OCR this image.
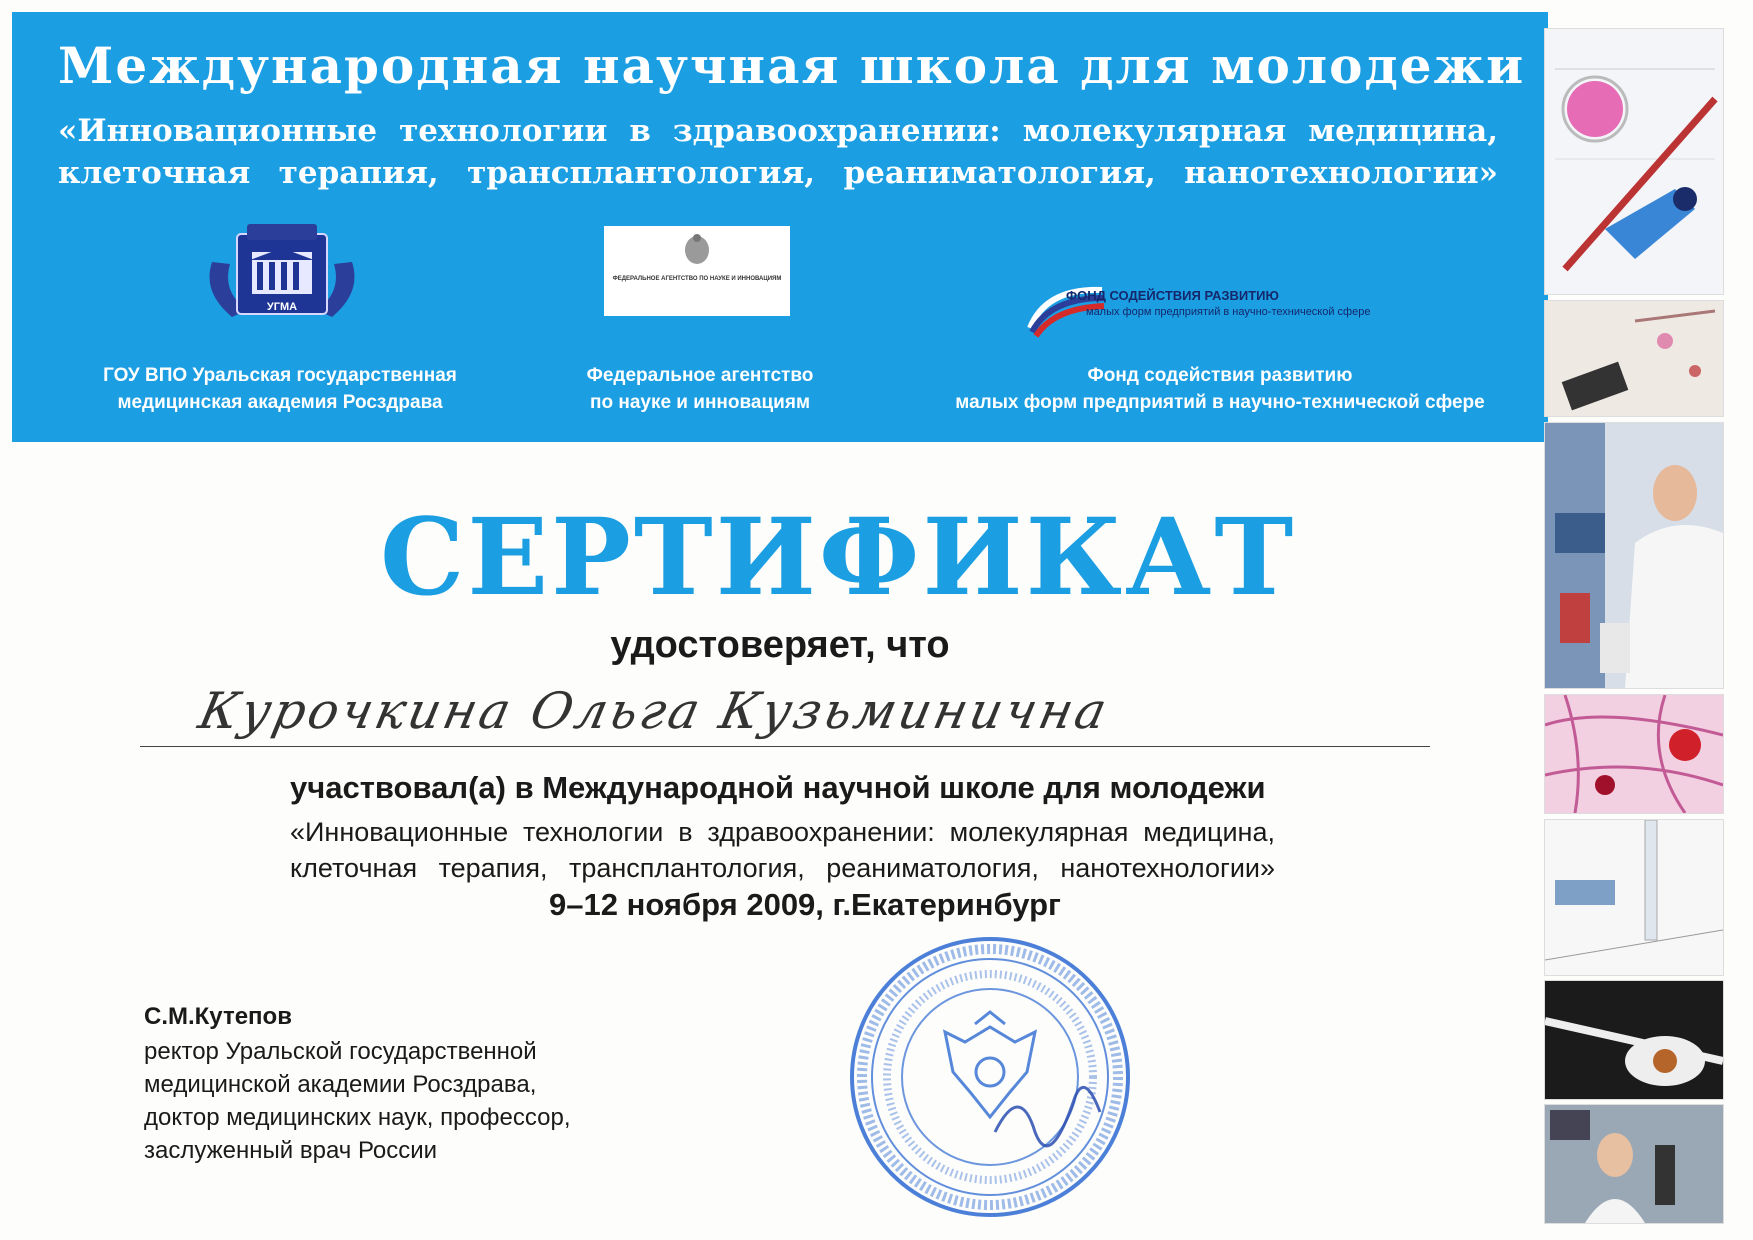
Международная научная школа для молодежи
«Инновационные технологии в здравоохранении: молекулярная медицина, клеточная терапия, трансплантология, реаниматология, нанотехнологии»
УГМА
ГОУ ВПО Уральская государственная
медицинская академия Росздрава
ФЕДЕРАЛЬНОЕ АГЕНТСТВО ПО НАУКЕ И ИННОВАЦИЯМ
Федеральное агентство
по науке и инновациям
ФОНД СОДЕЙСТВИЯ РАЗВИТИЮ
малых форм предприятий в научно-технической сфере
Фонд содействия развитию
малых форм предприятий в научно-технической сфере
СЕРТИФИКАТ
удостоверяет, что
Курочкина Ольга Кузьминична
участвовал(а) в Международной научной школе для молодежи
«Инновационные технологии в здравоохранении: молекулярная медицина, клеточная терапия, трансплантология, реаниматология, нанотехнологии»
9–12 ноября 2009, г.Екатеринбург
С.М.Кутепов
ректор Уральской государственной
медицинской академии Росздрава,
доктор медицинских наук, профессор,
заслуженный врач России
